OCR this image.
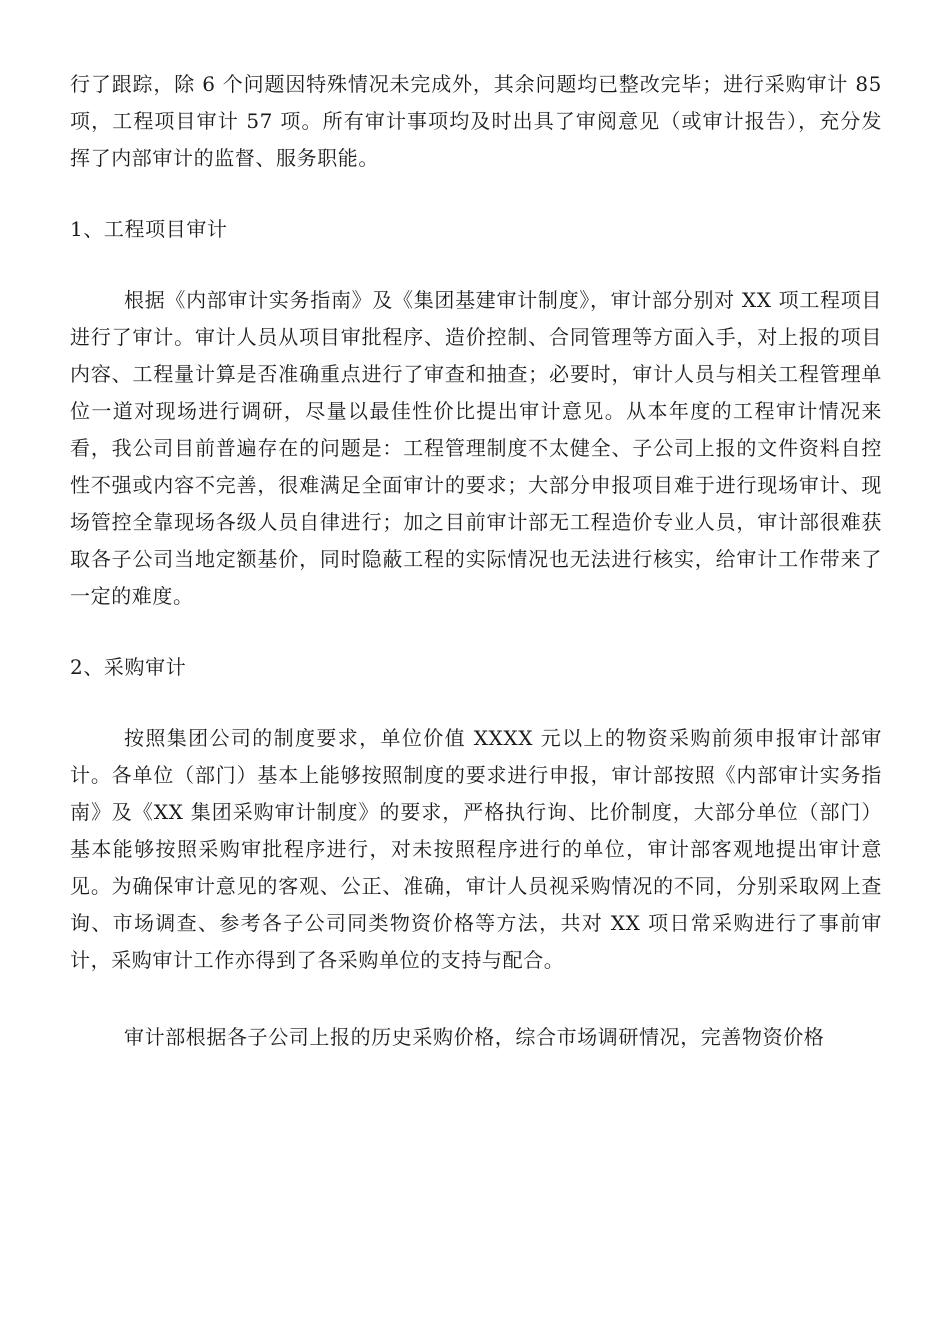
行了跟踪，除 6 个问题因特殊情况未完成外，其余问题均已整改完毕；进行采购审计 85 项，工程项目审计 57 项。所有审计事项均及时出具了审阅意见（或审计报告），充分发挥了内部审计的监督、服务职能。

1、工程项目审计

根据《内部审计实务指南》及《集团基建审计制度》，审计部分别对 XX 项工程项目进行了审计。审计人员从项目审批程序、造价控制、合同管理等方面入手，对上报的项目内容、工程量计算是否准确重点进行了审查和抽查；必要时，审计人员与相关工程管理单位一道对现场进行调研，尽量以最佳性价比提出审计意见。从本年度的工程审计情况来看，我公司目前普遍存在的问题是：工程管理制度不太健全、子公司上报的文件资料自控性不强或内容不完善，很难满足全面审计的要求；大部分申报项目难于进行现场审计、现场管控全靠现场各级人员自律进行；加之目前审计部无工程造价专业人员，审计部很难获取各子公司当地定额基价，同时隐蔽工程的实际情况也无法进行核实，给审计工作带来了一定的难度。

2、采购审计

按照集团公司的制度要求，单位价值 XXXX 元以上的物资采购前须申报审计部审计。各单位（部门）基本上能够按照制度的要求进行申报，审计部按照《内部审计实务指南》及《XX 集团采购审计制度》的要求，严格执行询、比价制度，大部分单位（部门）基本能够按照采购审批程序进行，对未按照程序进行的单位，审计部客观地提出审计意见。为确保审计意见的客观、公正、准确，审计人员视采购情况的不同，分别采取网上查询、市场调查、参考各子公司同类物资价格等方法，共对 XX 项日常采购进行了事前审计，采购审计工作亦得到了各采购单位的支持与配合。

审计部根据各子公司上报的历史采购价格，综合市场调研情况，完善物资价格
